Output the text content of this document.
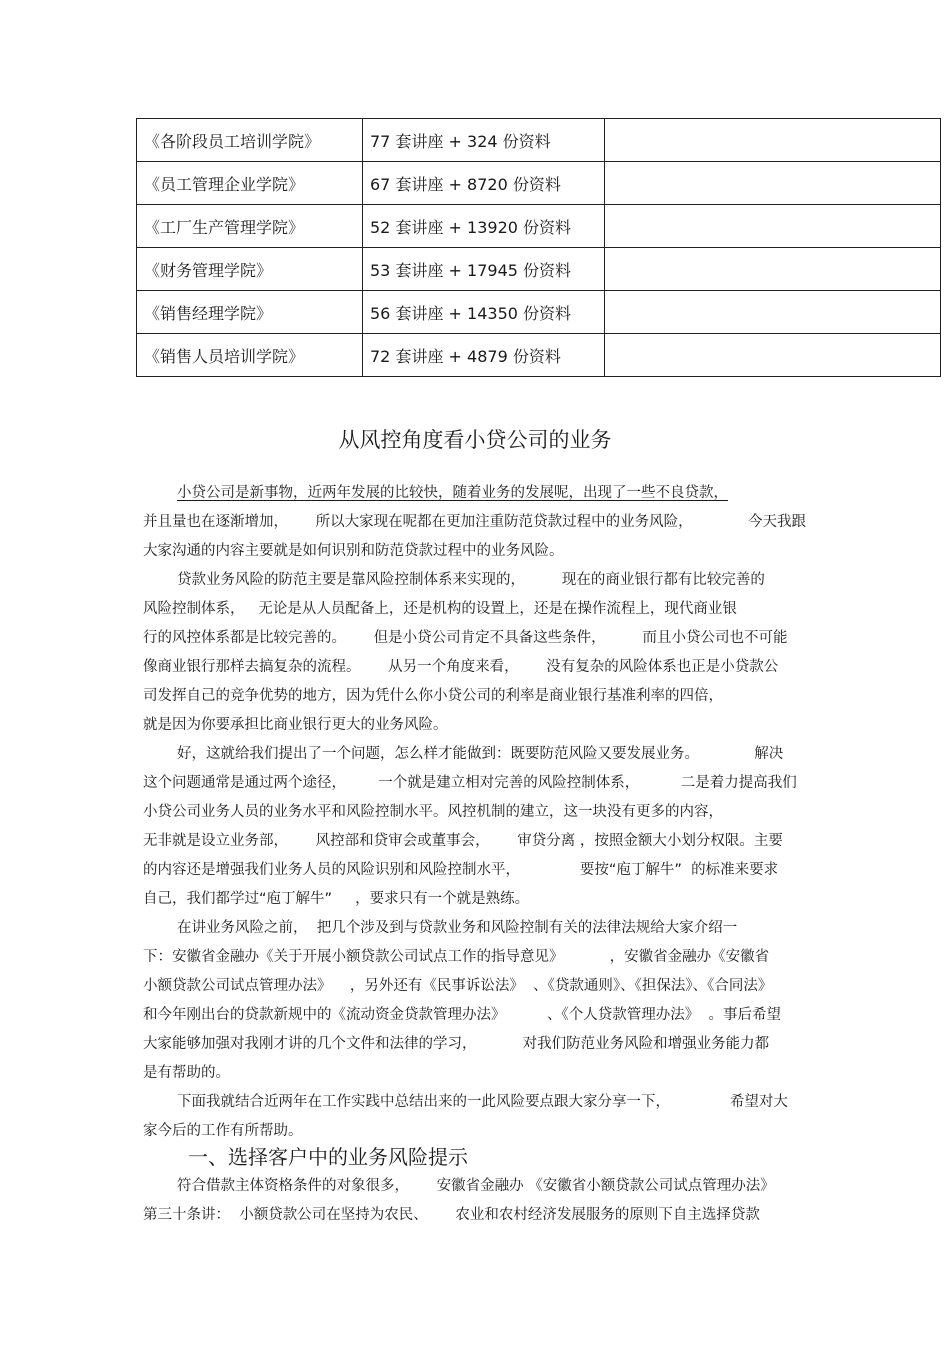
《各阶段员工培训学院》	77 套讲座 + 324 份资料	
《员工管理企业学院》	67 套讲座 + 8720 份资料	
《工厂生产管理学院》	52 套讲座 + 13920 份资料	
《财务管理学院》	53 套讲座 + 17945 份资料	
《销售经理学院》	56 套讲座 + 14350 份资料	
《销售人员培训学院》	72 套讲座 + 4879 份资料	
从风控角度看小贷公司的业务
小贷公司是新事物，近两年发展的比较快，随着业务的发展呢，出现了一些不良贷款，
并且量也在逐渐增加，      所以大家现在呢都在更加注重防范贷款过程中的业务风险，            今天我跟
大家沟通的内容主要就是如何识别和防范贷款过程中的业务风险。
贷款业务风险的防范主要是靠风险控制体系来实现的，        现在的商业银行都有比较完善的
风险控制体系，   无论是从人员配备上，还是机构的设置上，还是在操作流程上，现代商业银
行的风控体系都是比较完善的。      但是小贷公司肯定不具备这些条件，        而且小贷公司也不可能
像商业银行那样去搞复杂的流程。      从另一个角度来看，      没有复杂的风险体系也正是小贷款公
司发挥自己的竞争优势的地方，因为凭什么你小贷公司的利率是商业银行基准利率的四倍，
就是因为你要承担比商业银行更大的业务风险。
好，这就给我们提出了一个问题，怎么样才能做到：既要防范风险又要发展业务。            解决
这个问题通常是通过两个途径，       一个就是建立相对完善的风险控制体系，         二是着力提高我们
小贷公司业务人员的业务水平和风险控制水平。风控机制的建立，这一块没有更多的内容，
无非就是设立业务部，      风控部和贷审会或董事会，      审贷分离 ，按照金额大小划分权限。主要
的内容还是增强我们业务人员的风险识别和风险控制水平，             要按“庖丁解牛”  的标准来要求
自己，我们都学过“庖丁解牛”     ，要求只有一个就是熟练。
在讲业务风险之前，  把几个涉及到与贷款业务和风险控制有关的法律法规给大家介绍一
下：安徽省金融办《关于开展小额贷款公司试点工作的指导意见》          ，安徽省金融办《安徽省
小额贷款公司试点管理办法》    ，另外还有《民事诉讼法》  、《贷款通则》、《担保法》、《合同法》
和今年刚出台的贷款新规中的《流动资金贷款管理办法》         、《个人贷款管理办法》  。事后希望
大家能够加强对我刚才讲的几个文件和法律的学习，          对我们防范业务风险和增强业务能力都
是有帮助的。
下面我就结合近两年在工作实践中总结出来的一此风险要点跟大家分享一下，             希望对大
家今后的工作有所帮助。
一、选择客户中的业务风险提示
符合借款主体资格条件的对象很多，      安徽省金融办 《安徽省小额贷款公司试点管理办法》
第三十条讲：  小额贷款公司在坚持为农民、      农业和农村经济发展服务的原则下自主选择贷款
